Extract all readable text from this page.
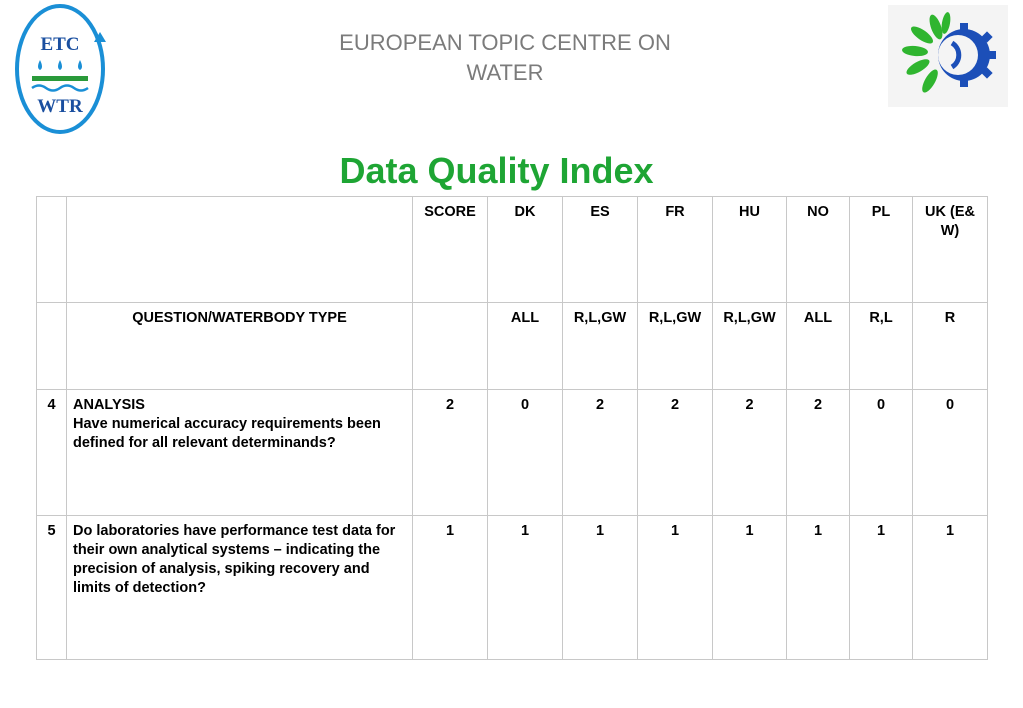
ETC
WTR
EUROPEAN TOPIC CENTRE ON
WATER
Data Quality Index
		SCORE	DK	ES	FR	HU	NO	PL	UK (E&W)
	QUESTION/WATERBODY TYPE		ALL	R,L,GW	R,L,GW	R,L,GW	ALL	R,L	R
4	ANALYSIS
Have numerical accuracy requirements been defined for all relevant determinands?	2	0	2	2	2	2	0	0
5	Do laboratories have performance test data for their own analytical systems – indicating the precision of analysis, spiking recovery and limits of detection?	1	1	1	1	1	1	1	1
